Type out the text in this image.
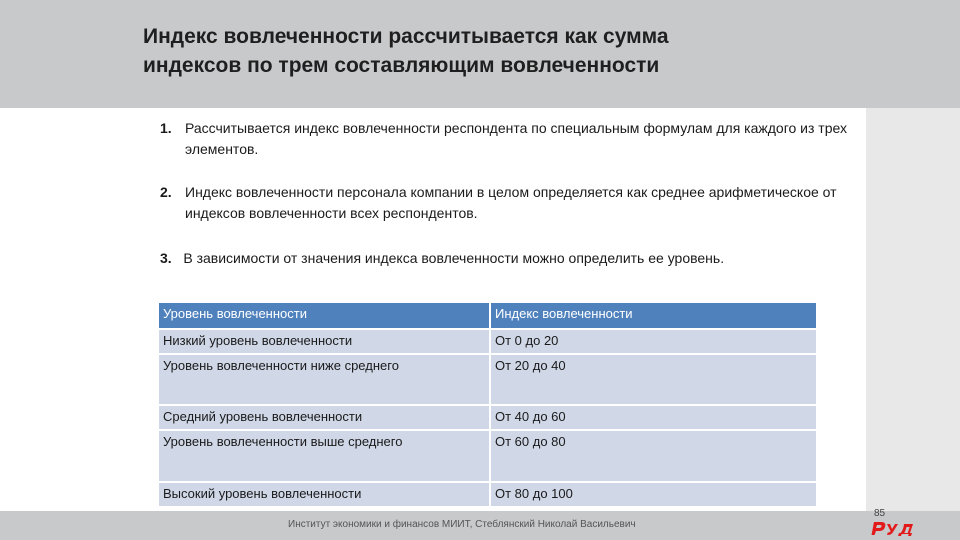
Индекс вовлеченности рассчитывается как сумма
индексов по трем составляющим вовлеченности
1. Рассчитывается индекс вовлеченности респондента по специальным формулам для каждого из трех элементов.
2. Индекс вовлеченности персонала компании в целом определяется как среднее арифметическое от индексов вовлеченности всех респондентов.
3. В зависимости от значения индекса вовлеченности можно определить ее уровень.
Уровень вовлеченности	Индекс вовлеченности
Низкий уровень вовлеченности	От 0 до 20
Уровень вовлеченности ниже среднего	От 20 до 40
Средний уровень вовлеченности	От 40 до 60
Уровень вовлеченности выше среднего	От 60 до 80
Высокий уровень вовлеченности	От 80 до 100
Институт экономики и финансов МИИТ, Стеблянский Николай Васильевич
85
